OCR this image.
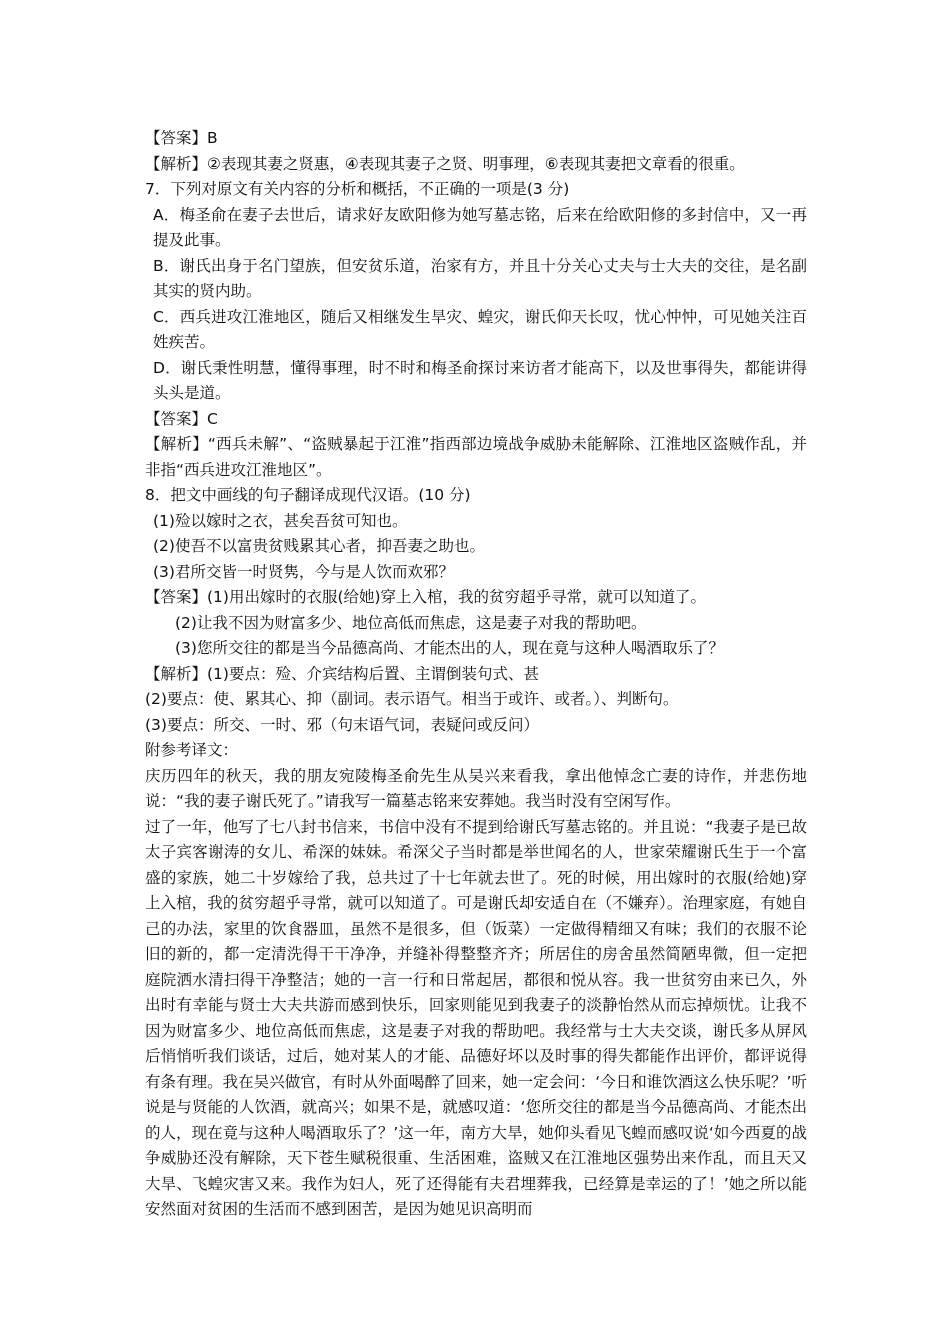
【答案】B
【解析】②表现其妻之贤惠，④表现其妻子之贤、明事理，⑥表现其妻把文章看的很重。
7．下列对原文有关内容的分析和概括，不正确的一项是(3 分)
A．梅圣俞在妻子去世后，请求好友欧阳修为她写墓志铭，后来在给欧阳修的多封信中，又一再提及此事。
B．谢氏出身于名门望族，但安贫乐道，治家有方，并且十分关心丈夫与士大夫的交往，是名副其实的贤内助。
C．西兵进攻江淮地区，随后又相继发生旱灾、蝗灾，谢氏仰天长叹，忧心忡忡，可见她关注百姓疾苦。
D．谢氏秉性明慧，懂得事理，时不时和梅圣俞探讨来访者才能高下，以及世事得失，都能讲得头头是道。
【答案】C
【解析】“西兵未解”、“盗贼暴起于江淮”指西部边境战争威胁未能解除、江淮地区盗贼作乱，并非指“西兵进攻江淮地区”。
8．把文中画线的句子翻译成现代汉语。(10 分)
(1)殓以嫁时之衣，甚矣吾贫可知也。
(2)使吾不以富贵贫贱累其心者，抑吾妻之助也。
(3)君所交皆一时贤隽，今与是人饮而欢邪？
【答案】(1)用出嫁时的衣服(给她)穿上入棺，我的贫穷超乎寻常，就可以知道了。
(2)让我不因为财富多少、地位高低而焦虑，这是妻子对我的帮助吧。
(3)您所交往的都是当今品德高尚、才能杰出的人，现在竟与这种人喝酒取乐了？
【解析】(1)要点：殓、介宾结构后置、主谓倒装句式、甚
(2)要点：使、累其心、抑（副词。表示语气。相当于或许、或者。）、判断句。
(3)要点：所交、一时、邪（句末语气词，表疑问或反问）
附参考译文：
庆历四年的秋天，我的朋友宛陵梅圣俞先生从吴兴来看我，拿出他悼念亡妻的诗作，并悲伤地说：“我的妻子谢氏死了。”请我写一篇墓志铭来安葬她。我当时没有空闲写作。
过了一年，他写了七八封书信来，书信中没有不提到给谢氏写墓志铭的。并且说：“我妻子是已故太子宾客谢涛的女儿、希深的妹妹。希深父子当时都是举世闻名的人，世家荣耀谢氏生于一个富盛的家族，她二十岁嫁给了我，总共过了十七年就去世了。死的时候，用出嫁时的衣服(给她)穿上入棺，我的贫穷超乎寻常，就可以知道了。可是谢氏却安适自在（不嫌弃）。治理家庭，有她自己的办法，家里的饮食器皿，虽然不是很多，但（饭菜）一定做得精细又有味；我们的衣服不论旧的新的，都一定清洗得干干净净，并缝补得整整齐齐；所居住的房舍虽然简陋卑微，但一定把庭院洒水清扫得干净整洁；她的一言一行和日常起居，都很和悦从容。我一世贫穷由来已久，外出时有幸能与贤士大夫共游而感到快乐，回家则能见到我妻子的淡静怡然从而忘掉烦忧。让我不因为财富多少、地位高低而焦虑，这是妻子对我的帮助吧。我经常与士大夫交谈，谢氏多从屏风后悄悄听我们谈话，过后，她对某人的才能、品德好坏以及时事的得失都能作出评价，都评说得有条有理。我在吴兴做官，有时从外面喝醉了回来，她一定会问：‘今日和谁饮酒这么快乐呢？’听说是与贤能的人饮酒，就高兴；如果不是，就感叹道：‘您所交往的都是当今品德高尚、才能杰出的人，现在竟与这种人喝酒取乐了？’这一年，南方大旱，她仰头看见飞蝗而感叹说‘如今西夏的战争威胁还没有解除，天下苍生赋税很重、生活困难，盗贼又在江淮地区强势出来作乱，而且天又大旱、飞蝗灾害又来。我作为妇人，死了还得能有夫君埋葬我，已经算是幸运的了！’她之所以能安然面对贫困的生活而不感到困苦，是因为她见识高明而
